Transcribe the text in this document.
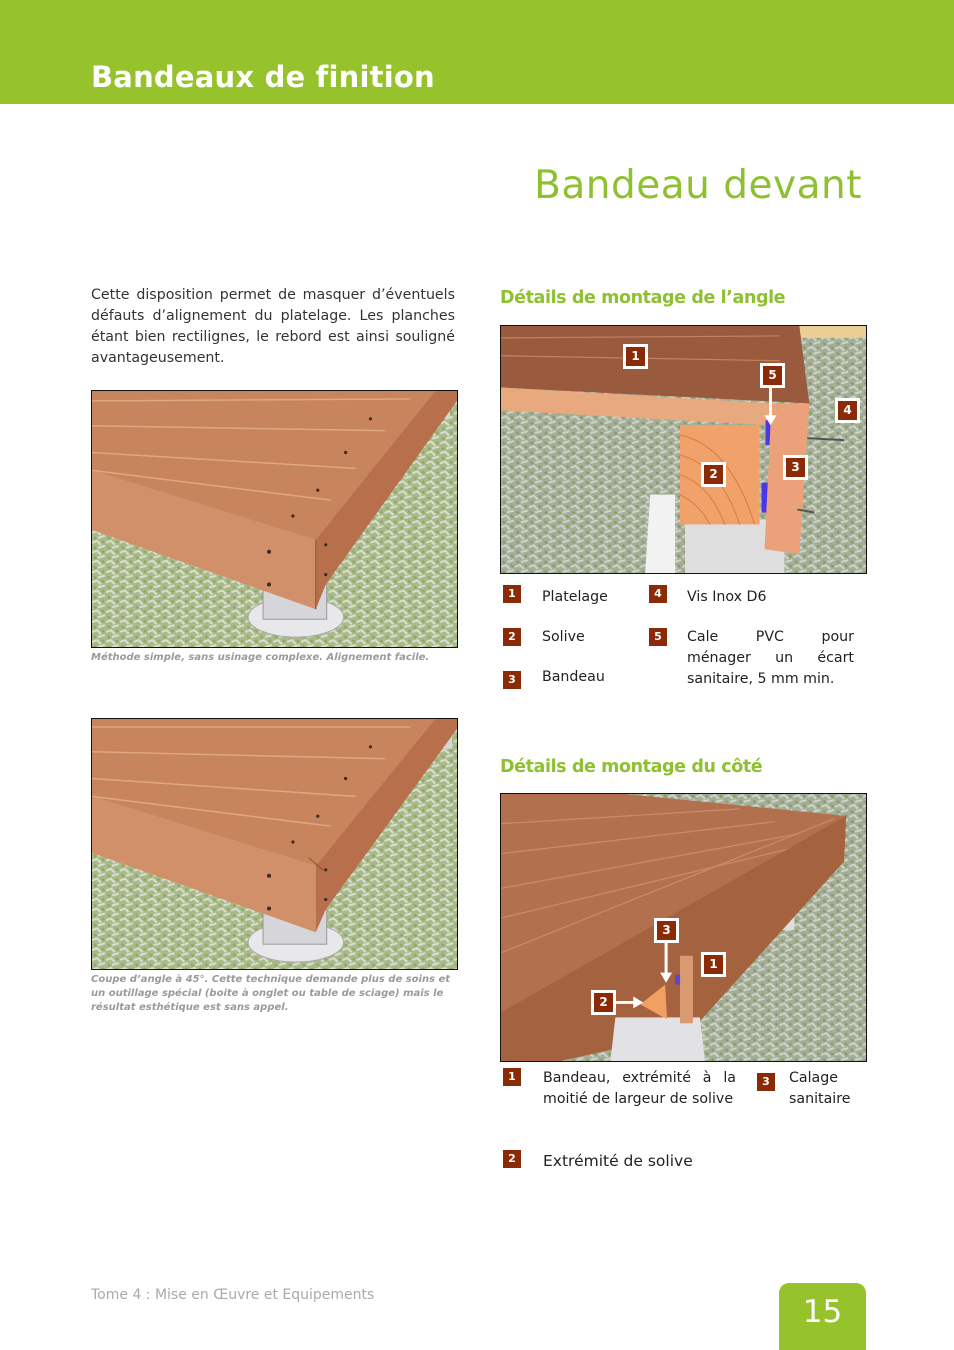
Bandeaux de finition
Bandeau devant

Cette disposition permet de masquer d’éventuels défauts d’alignement du platelage. Les planches étant bien rectilignes, le rebord est ainsi souligné avantageusement.

Méthode simple, sans usinage complexe. Alignement facile.
Coupe d’angle à 45°. Cette technique demande plus de soins et un outillage spécial (boite à onglet ou table de sciage) mais le résultat esthétique est sans appel.
Détails de montage de l’angle
1
5
4
2	3
1	Platelage
2	Solive
3	Bandeau
4	Vis Inox D6
5	Cale PVC pour ménager un écart sanitaire, 5 mm min.
Détails de montage du côté
3
1
2
1	Bandeau, extrémité à la moitié de largeur de solive
2	Extrémité de solive
3	Calage sanitaire
Tome 4 : Mise en Œuvre et Equipements	15
